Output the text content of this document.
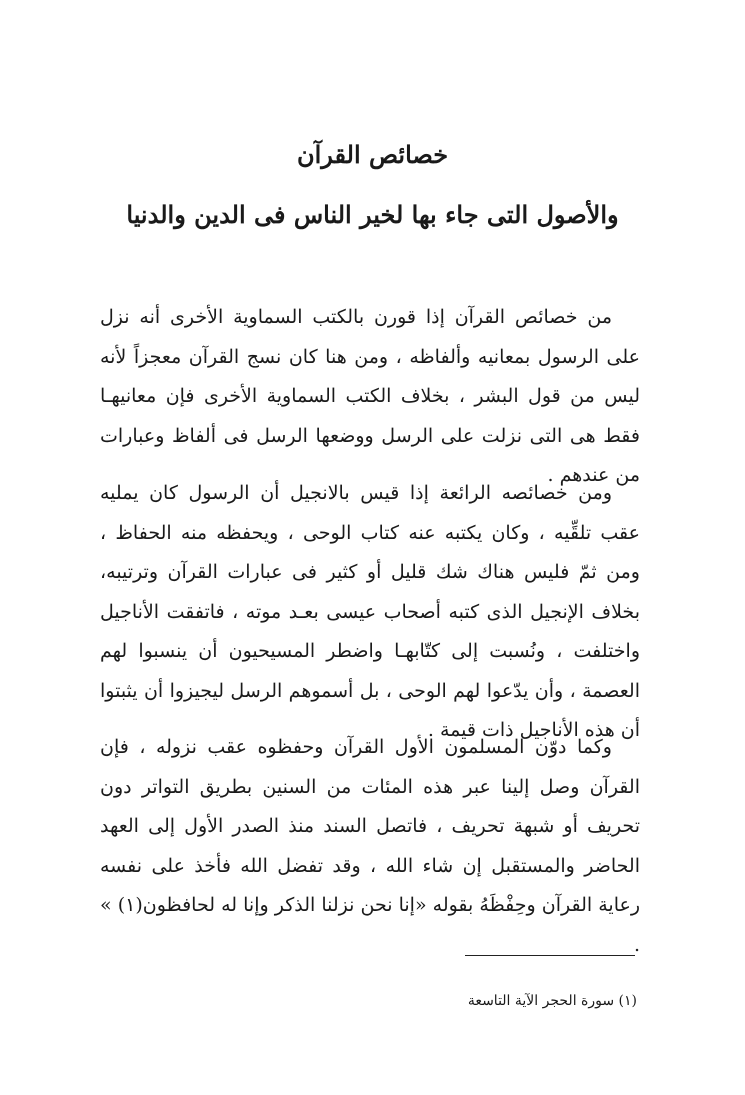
خصائص القرآن
والأصول التى جاء بها لخير الناس فى الدين والدنيا

من خصائص القرآن إذا قورن بالكتب السماوية الأخرى أنه نزل على الرسول بمعانيه وألفاظه ، ومن هنا كان نسج القرآن معجزاً لأنه ليس من قول البشر ، بخلاف الكتب السماوية الأخرى فإن معانيهـا فقط هى التى نزلت على الرسل ووضعها الرسل فى ألفاظ وعبارات من عندهم .

ومن خصائصه الرائعة إذا قيس بالانجيل أن الرسول كان يمليه عقب تلقِّيه ، وكان يكتبه عنه كتاب الوحى ، ويحفظه منه الحفاظ ، ومن ثمّ فليس هناك شك قليل أو كثير فى عبارات القرآن وترتيبه، بخلاف الإنجيل الذى كتبه أصحاب عيسى بعـد موته ، فاتفقت الأناجيل واختلفت ، ونُسبت إلى كتّابهـا واضطر المسيحيون أن ينسبوا لهم العصمة ، وأن يدّعوا لهم الوحى ، بل أسموهم الرسل ليجيزوا أن يثبتوا أن هذه الأناجيل ذات قيمة .

وكما دوّن المسلمون الأول القرآن وحفظوه عقب نزوله ، فإن القرآن وصل إلينا عبر هذه المئات من السنين بطريق التواتر دون تحريف أو شبهة تحريف ، فاتصل السند منذ الصدر الأول إلى العهد الحاضر والمستقبل إن شاء الله ، وقد تفضل الله فأخذ على نفسه رعاية القرآن وحِفْظَهُ بقوله «إنا نحن نزلنا الذكر وإنا له لحافظون(١) » .

(١) سورة الحجر الآية التاسعة
